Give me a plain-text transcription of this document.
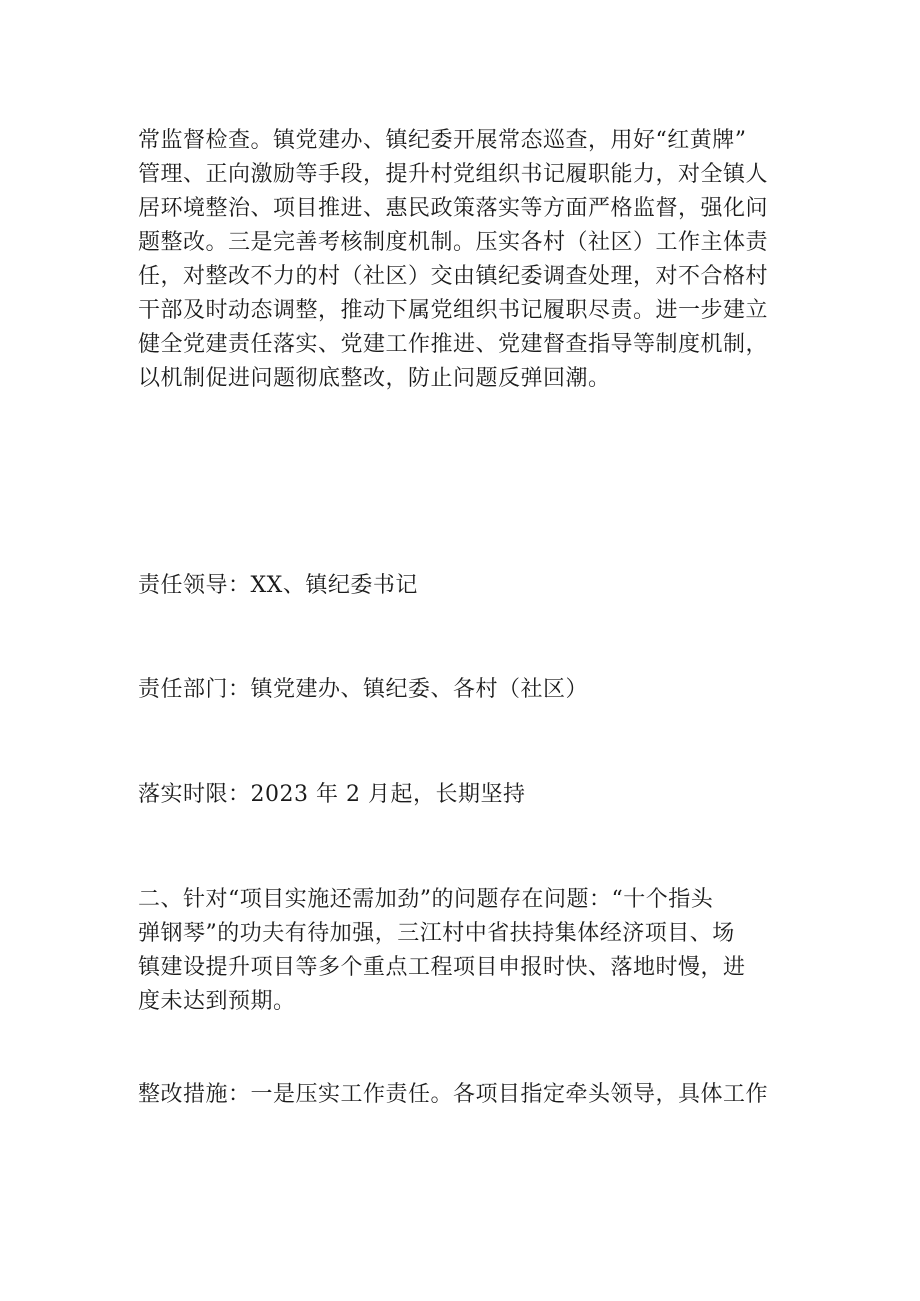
常监督检查。镇党建办、镇纪委开展常态巡查，用好“红黄牌”
管理、正向激励等手段，提升村党组织书记履职能力，对全镇人
居环境整治、项目推进、惠民政策落实等方面严格监督，强化问
题整改。三是完善考核制度机制。压实各村（社区）工作主体责
任，对整改不力的村（社区）交由镇纪委调查处理，对不合格村
干部及时动态调整，推动下属党组织书记履职尽责。进一步建立
健全党建责任落实、党建工作推进、党建督查指导等制度机制，
以机制促进问题彻底整改，防止问题反弹回潮。

责任领导：XX、镇纪委书记

责任部门：镇党建办、镇纪委、各村（社区）

落实时限：2023 年 2 月起，长期坚持

二、针对“项目实施还需加劲”的问题存在问题：“十个指头
弹钢琴”的功夫有待加强，三江村中省扶持集体经济项目、场
镇建设提升项目等多个重点工程项目申报时快、落地时慢，进
度未达到预期。

整改措施：一是压实工作责任。各项目指定牵头领导，具体工作
